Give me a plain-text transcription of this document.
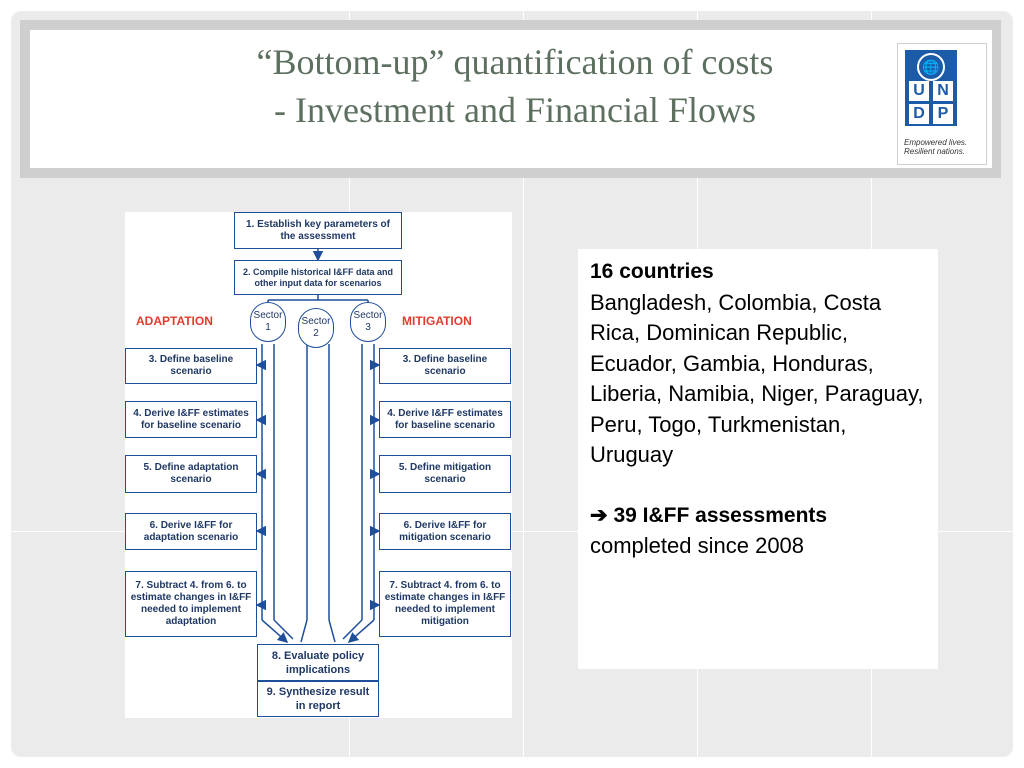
“Bottom-up” quantification of costs
- Investment and Financial Flows
🌐
U N
D P
Empowered lives.
Resilient nations.
1. Establish key parameters of the assessment
2. Compile historical I&FF data and other input data for scenarios
ADAPTATION	MITIGATION
Sector
1
Sector
2
Sector
3
3. Define baseline scenario
4. Derive I&FF estimates for baseline scenario
5. Define adaptation scenario
6. Derive I&FF for adaptation scenario
7. Subtract 4. from 6. to estimate changes in I&FF needed to implement adaptation
3. Define baseline scenario
4. Derive I&FF estimates for baseline scenario
5. Define mitigation scenario
6. Derive I&FF for mitigation scenario
7. Subtract 4. from 6. to estimate changes in I&FF needed to implement mitigation
8. Evaluate policy implications
9. Synthesize result in report
16 countries
Bangladesh, Colombia, Costa Rica, Dominican Republic, Ecuador, Gambia, Honduras, Liberia, Namibia, Niger, Paraguay, Peru, Togo, Turkmenistan, Uruguay
➔ 39 I&FF assessments
completed since 2008
